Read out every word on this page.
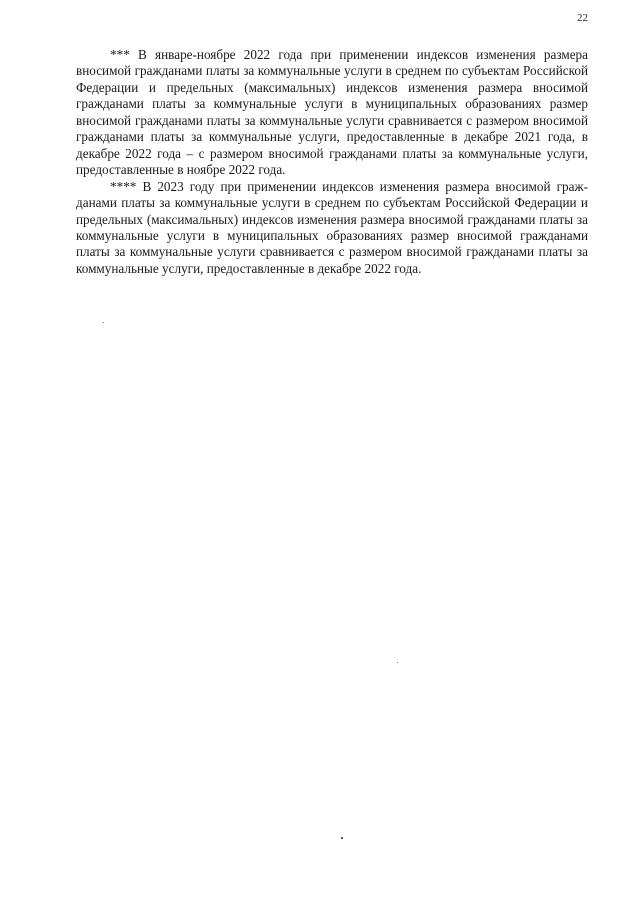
22

*** В январе-ноябре 2022 года при применении индексов изменения размера вносимой гражданами платы за коммунальные услуги в среднем по субъектам Российской Федерации и предельных (максимальных) индексов изменения размера вносимой гражданами платы за коммунальные услуги в муниципальных образованиях размер вносимой гражданами платы за коммунальные услуги сравнивается с размером вносимой гражданами платы за коммунальные услуги, предоставленные в декабре 2021 года, в декабре 2022 года – с размером вносимой гражданами платы за коммунальные услуги, предоставленные в ноябре 2022 года.

**** В 2023 году при применении индексов изменения размера вносимой гражданами платы за коммунальные услуги в среднем по субъектам Российской Федерации и предельных (максимальных) индексов изменения размера вносимой гражданами платы за коммунальные услуги в муниципальных образованиях размер вносимой гражданами платы за коммунальные услуги сравнивается с размером вносимой гражданами платы за коммунальные услуги, предоставленные в декабре 2022 года.
